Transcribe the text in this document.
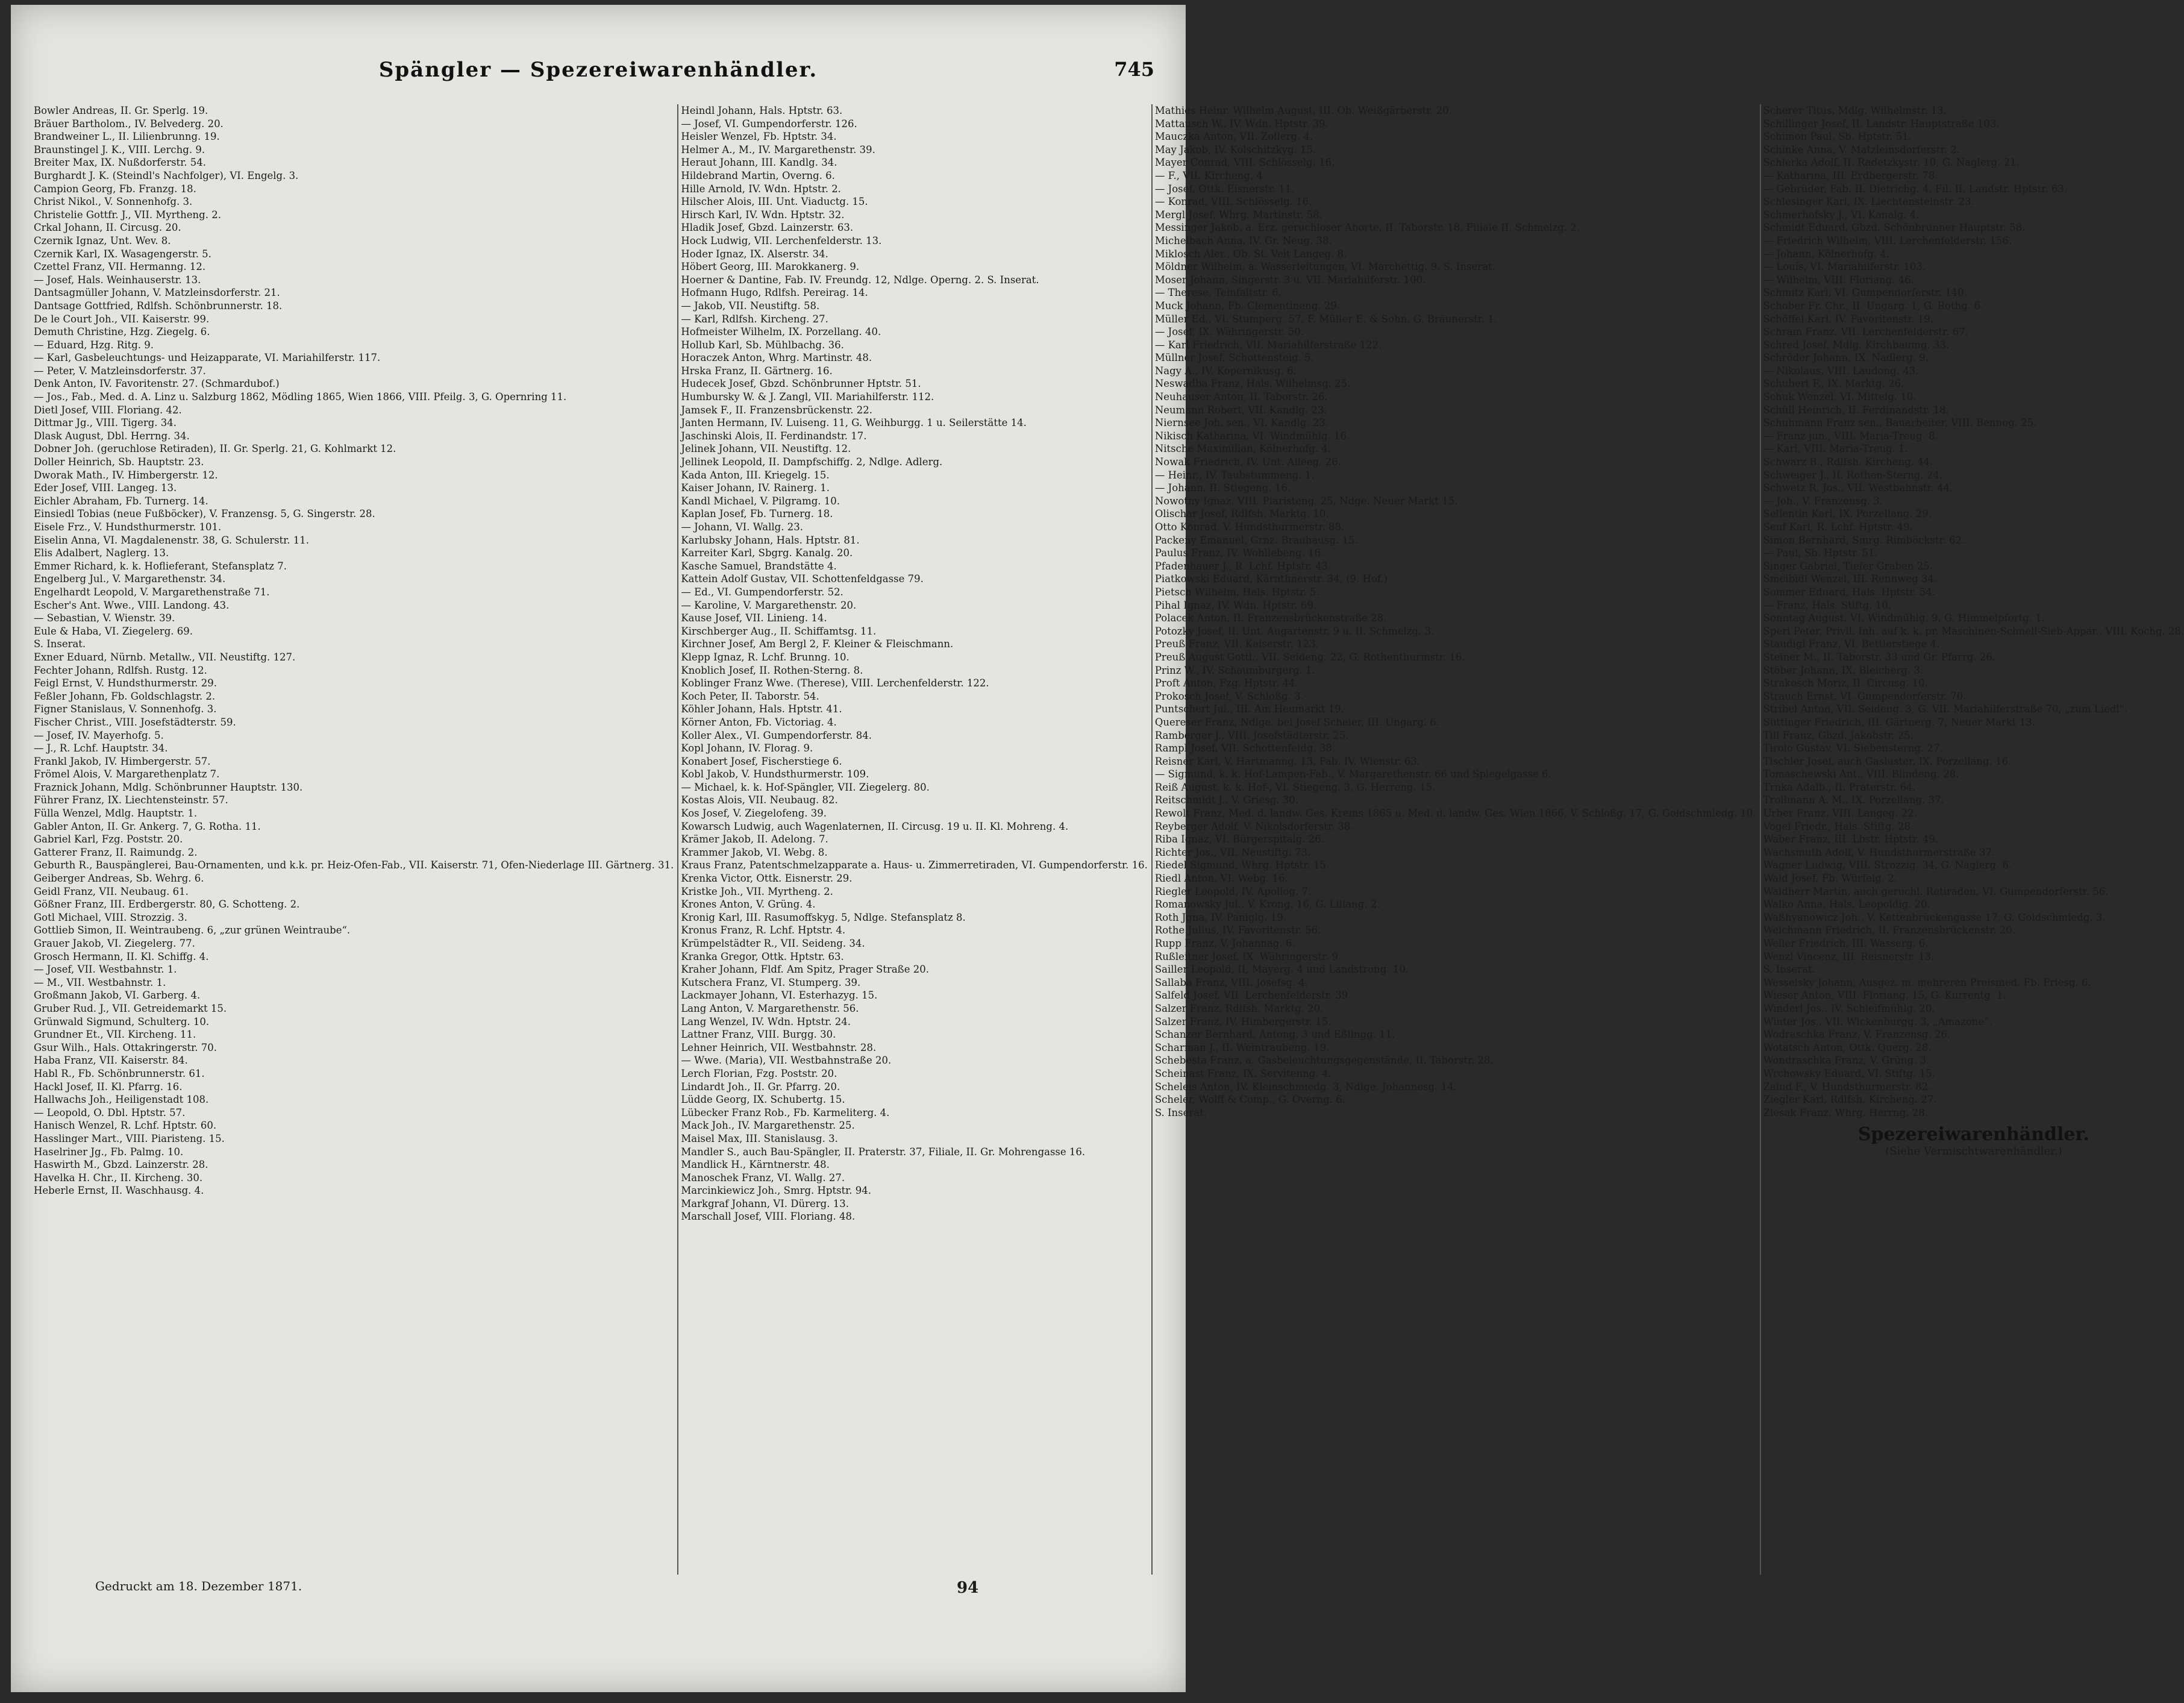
Spängler — Spezereiwarenhändler.	745
Bowler Andreas, II. Gr. Sperlg. 19.
Bräuer Bartholom., IV. Belvederg. 20.
Brandweiner L., II. Lilienbrunng. 19.
Braunstingel J. K., VIII. Lerchg. 9.
Breiter Max, IX. Nußdorferstr. 54.
Burghardt J. K. (Steindl's Nachfolger), VI. Engelg. 3.
Campion Georg, Fb. Franzg. 18.
Christ Nikol., V. Sonnenhofg. 3.
Christelie Gottfr. J., VII. Myrtheng. 2.
Crkal Johann, II. Circusg. 20.
Czernik Ignaz, Unt. Wev. 8.
Czernik Karl, IX. Wasagengerstr. 5.
Czettel Franz, VII. Hermanng. 12.
— Josef, Hals. Weinhauserstr. 13.
Dantsagmüller Johann, V. Matzleinsdorferstr. 21.
Dantsage Gottfried, Rdlfsh. Schönbrunnerstr. 18.
De le Court Joh., VII. Kaiserstr. 99.
Demuth Christine, Hzg. Ziegelg. 6.
— Eduard, Hzg. Ritg. 9.
— Karl, Gasbeleuchtungs- und Heizapparate, VI. Mariahilferstr. 117.
— Peter, V. Matzleinsdorferstr. 37.
Denk Anton, IV. Favoritenstr. 27. (Schmardubof.)
— Jos., Fab., Med. d. A. Linz u. Salzburg 1862, Mödling 1865, Wien 1866, VIII. Pfeilg. 3, G. Opernring 11.
Dietl Josef, VIII. Floriang. 42.
Dittmar Jg., VIII. Tigerg. 34.
Dlask August, Dbl. Herrng. 34.
Dobner Joh. (geruchlose Retiraden), II. Gr. Sperlg. 21, G. Kohlmarkt 12.
Doller Heinrich, Sb. Hauptstr. 23.
Dworak Math., IV. Himbergerstr. 12.
Eder Josef, VIII. Langeg. 13.
Eichler Abraham, Fb. Turnerg. 14.
Einsiedl Tobias (neue Fußböcker), V. Franzensg. 5, G. Singerstr. 28.
Eisele Frz., V. Hundsthurmerstr. 101.
Eiselin Anna, VI. Magdalenenstr. 38, G. Schulerstr. 11.
Elis Adalbert, Naglerg. 13.
Emmer Richard, k. k. Hoflieferant, Stefansplatz 7.
Engelberg Jul., V. Margarethenstr. 34.
Engelhardt Leopold, V. Margarethenstraße 71.
Escher's Ant. Wwe., VIII. Landong. 43.
— Sebastian, V. Wienstr. 39.
Eule & Haba, VI. Ziegelerg. 69.
S. Inserat.
Exner Eduard, Nürnb. Metallw., VII. Neustiftg. 127.
Fechter Johann, Rdlfsh. Rustg. 12.
Feigl Ernst, V. Hundsthurmerstr. 29.
Feßler Johann, Fb. Goldschlagstr. 2.
Figner Stanislaus, V. Sonnenhofg. 3.
Fischer Christ., VIII. Josefstädterstr. 59.
— Josef, IV. Mayerhofg. 5.
— J., R. Lchf. Hauptstr. 34.
Frankl Jakob, IV. Himbergerstr. 57.
Frömel Alois, V. Margarethenplatz 7.
Fraznick Johann, Mdlg. Schönbrunner Hauptstr. 130.
Führer Franz, IX. Liechtensteinstr. 57.
Fülla Wenzel, Mdlg. Hauptstr. 1.
Gabler Anton, II. Gr. Ankerg. 7, G. Rotha. 11.
Gabriel Karl, Fzg. Poststr. 20.
Gatterer Franz, II. Raimundg. 2.
Geburth R., Bauspänglerei, Bau-Ornamenten, und k.k. pr. Heiz-Ofen-Fab., VII. Kaiserstr. 71, Ofen-Niederlage III. Gärtnerg. 31.
Geiberger Andreas, Sb. Wehrg. 6.
Geidl Franz, VII. Neubaug. 61.
Gößner Franz, III. Erdbergerstr. 80, G. Schotteng. 2.
Gotl Michael, VIII. Strozzig. 3.
Gottlieb Simon, II. Weintraubeng. 6, „zur grünen Weintraube“.
Grauer Jakob, VI. Ziegelerg. 77.
Grosch Hermann, II. Kl. Schiffg. 4.
— Josef, VII. Westbahnstr. 1.
— M., VII. Westbahnstr. 1.
Großmann Jakob, VI. Garberg. 4.
Gruber Rud. J., VII. Getreidemarkt 15.
Grünwald Sigmund, Schulterg. 10.
Grundner Et., VII. Kircheng. 11.
Gsur Wilh., Hals. Ottakringerstr. 70.
Haba Franz, VII. Kaiserstr. 84.
Habl R., Fb. Schönbrunnerstr. 61.
Hackl Josef, II. Kl. Pfarrg. 16.
Hallwachs Joh., Heiligenstadt 108.
— Leopold, O. Dbl. Hptstr. 57.
Hanisch Wenzel, R. Lchf. Hptstr. 60.
Hasslinger Mart., VIII. Piaristeng. 15.
Haselriner Jg., Fb. Palmg. 10.
Haswirth M., Gbzd. Lainzerstr. 28.
Havelka H. Chr., II. Kircheng. 30.
Heberle Ernst, II. Waschhausg. 4.
Heindl Johann, Hals. Hptstr. 63.
— Josef, VI. Gumpendorferstr. 126.
Heisler Wenzel, Fb. Hptstr. 34.
Helmer A., M., IV. Margarethenstr. 39.
Heraut Johann, III. Kandlg. 34.
Hildebrand Martin, Overng. 6.
Hille Arnold, IV. Wdn. Hptstr. 2.
Hilscher Alois, III. Unt. Viaductg. 15.
Hirsch Karl, IV. Wdn. Hptstr. 32.
Hladik Josef, Gbzd. Lainzerstr. 63.
Hock Ludwig, VII. Lerchenfelderstr. 13.
Hoder Ignaz, IX. Alserstr. 34.
Höbert Georg, III. Marokkanerg. 9.
Hoerner & Dantine, Fab. IV. Freundg. 12, Ndlge. Operng. 2. S. Inserat.
Hofmann Hugo, Rdlfsh. Pereirag. 14.
— Jakob, VII. Neustiftg. 58.
— Karl, Rdlfsh. Kircheng. 27.
Hofmeister Wilhelm, IX. Porzellang. 40.
Hollub Karl, Sb. Mühlbachg. 36.
Horaczek Anton, Whrg. Martinstr. 48.
Hrska Franz, II. Gärtnerg. 16.
Hudecek Josef, Gbzd. Schönbrunner Hptstr. 51.
Humbursky W. & J. Zangl, VII. Mariahilferstr. 112.
Jamsek F., II. Franzensbrückenstr. 22.
Janten Hermann, IV. Luiseng. 11, G. Weihburgg. 1 u. Seilerstätte 14.
Jaschinski Alois, II. Ferdinandstr. 17.
Jelinek Johann, VII. Neustiftg. 12.
Jellinek Leopold, II. Dampfschiffg. 2, Ndlge. Adlerg.
Kada Anton, III. Kriegelg. 15.
Kaiser Johann, IV. Rainerg. 1.
Kandl Michael, V. Pilgramg. 10.
Kaplan Josef, Fb. Turnerg. 18.
— Johann, VI. Wallg. 23.
Karlubsky Johann, Hals. Hptstr. 81.
Karreiter Karl, Sbgrg. Kanalg. 20.
Kasche Samuel, Brandstätte 4.
Kattein Adolf Gustav, VII. Schottenfeldgasse 79.
— Ed., VI. Gumpendorferstr. 52.
— Karoline, V. Margarethenstr. 20.
Kause Josef, VII. Linieng. 14.
Kirschberger Aug., II. Schiffamtsg. 11.
Kirchner Josef, Am Bergl 2, F. Kleiner & Fleischmann.
Klepp Ignaz, R. Lchf. Brunng. 10.
Knoblich Josef, II. Rothen-Sterng. 8.
Koblinger Franz Wwe. (Therese), VIII. Lerchenfelderstr. 122.
Koch Peter, II. Taborstr. 54.
Köhler Johann, Hals. Hptstr. 41.
Körner Anton, Fb. Victoriag. 4.
Koller Alex., VI. Gumpendorferstr. 84.
Kopl Johann, IV. Florag. 9.
Konabert Josef, Fischerstiege 6.
Kobl Jakob, V. Hundsthurmerstr. 109.
— Michael, k. k. Hof-Spängler, VII. Ziegelerg. 80.
Kostas Alois, VII. Neubaug. 82.
Kos Josef, V. Ziegelofeng. 39.
Kowarsch Ludwig, auch Wagenlaternen, II. Circusg. 19 u. II. Kl. Mohreng. 4.
Krämer Jakob, II. Adelong. 7.
Krammer Jakob, VI. Webg. 8.
Kraus Franz, Patentschmelzapparate a. Haus- u. Zimmerretiraden, VI. Gumpendorferstr. 16.
Krenka Victor, Ottk. Eisnerstr. 29.
Kristke Joh., VII. Myrtheng. 2.
Krones Anton, V. Grüng. 4.
Kronig Karl, III. Rasumoffskyg. 5, Ndlge. Stefansplatz 8.
Kronus Franz, R. Lchf. Hptstr. 4.
Krümpelstädter R., VII. Seideng. 34.
Kranka Gregor, Ottk. Hptstr. 63.
Kraher Johann, Fldf. Am Spitz, Prager Straße 20.
Kutschera Franz, VI. Stumperg. 39.
Lackmayer Johann, VI. Esterhazyg. 15.
Lang Anton, V. Margarethenstr. 56.
Lang Wenzel, IV. Wdn. Hptstr. 24.
Lattner Franz, VIII. Burgg. 30.
Lehner Heinrich, VII. Westbahnstr. 28.
— Wwe. (Maria), VII. Westbahnstraße 20.
Lerch Florian, Fzg. Poststr. 20.
Lindardt Joh., II. Gr. Pfarrg. 20.
Lüdde Georg, IX. Schubertg. 15.
Lübecker Franz Rob., Fb. Karmeliterg. 4.
Mack Joh., IV. Margarethenstr. 25.
Maisel Max, III. Stanislausg. 3.
Mandler S., auch Bau-Spängler, II. Praterstr. 37, Filiale, II. Gr. Mohrengasse 16.
Mandlick H., Kärntnerstr. 48.
Manoschek Franz, VI. Wallg. 27.
Marcinkiewicz Joh., Smrg. Hptstr. 94.
Markgraf Johann, VI. Dürerg. 13.
Marschall Josef, VIII. Floriang. 48.
Mathies Heinr. Wilhelm August, III. Ob. Weißgärberstr. 20.
Mattausch W., IV. Wdn. Hptstr. 39.
Mauczka Anton, VII. Zollerg. 4.
May Jakob, IV. Kolschitzkyg. 15.
Mayer Conrad, VIII. Schlösselg. 16.
— F., VII. Kircheng. 4.
— Josef, Ottk. Eisnerstr. 11.
— Konrad, VIII. Schlösselg. 16.
Mergl Josef, Whrg. Martinstr. 58.
Messinger Jakob, a. Erz. geruchloser Aborte, II. Taborstr. 18, Filiale II. Schmelzg. 2.
Michelbach Anna, IV. Gr. Neug. 38.
Miklosch Aler., Ob. St. Veit Langeg. 8.
Möldner Wilhelm, a. Wasserleitungen, VI. Marchettig. 9. S. Inserat.
Moser Johann, Singerstr. 3 u. VII. Mariahilferstr. 100.
— Therese, Teinfaltstr. 6.
Muck Johann, Fb. Clementineng. 29.
Müller Ed., VI. Stumperg. 57, F. Müller E. & Sohn, G. Bräunerstr. 1.
— Josef, IX. Währingerstr. 50.
— Karl Friedrich, VII. Mariahilferstraße 122.
Müllner Josef, Schottensteig. 5.
Nagy A., IV. Kopernikusg. 6.
Neswadba Franz, Hals. Wilhelmsg. 25.
Neuhauser Anton, II. Taborstr. 26.
Neumann Robert, VII. Kandlg. 23.
Niernsee Joh. sen., VI. Kandlg. 23.
Nikisch Katharina, VI. Windmühlg. 16.
Nitsche Maximilian, Kölnerhofg. 4.
Nowak Friedrich, IV. Unt. Alleeg. 26.
— Heinr., IV. Taubstummeng. 1.
— Johann, II. Stiegeng. 16.
Nowotny Ignaz, VIII. Piaristeng. 25, Ndge. Neuer Markt 15.
Olischar Josef, Rdlfsh. Marktg. 10.
Otto Konrad, V. Hundsthurmerstr. 88.
Packeny Emanuel, Grnz. Brauhausg. 15.
Paulus Franz, IV. Wohllebeng. 16.
Pfadenhauer J., R. Lchf. Hptstr. 43.
Piatkowski Eduard, Kärnthnerstr. 34, (9. Hof.)
Pietsch Wilhelm, Hals. Hptstr. 5.
Pihal Ignaz, IV. Wdn. Hptstr. 69.
Polacek Anton, II. Franzensbrückenstraße 28.
Potozky Josef, II. Unt. Augartenstr. 9 u. II. Schmelzg. 3.
Preuß Franz, VII. Kaiserstr. 123.
Preuß August Gottl., VII. Seideng. 22, G. Rothenthurmstr. 16.
Prinz W., IV. Schaumburgerg. 1.
Proft Anton, Fzg. Hptstr. 44.
Prokosch Josef, V. Schloßg. 3.
Puntschert Jul., III. Am Heumarkt 19.
Quereser Franz, Ndlge. bei Josef Scheier, III. Ungarg. 6.
Ramberger J., VIII. Josefstädterstr. 25.
Rampl Josef, VII. Schottenfeldg. 38.
Reisner Karl, V. Hartmanng. 13, Fab. IV. Wienstr. 63.
— Sigmund, k. k. Hof-Lampen-Fab., V. Margarethenstr. 66 und Spiegelgasse 6.
Reiß August, k. k. Hof-, VI. Stiegeng. 3, G. Herreng. 15.
Reitschmidt J., V. Griesg. 30.
Rewolt Franz, Med. d. landw. Ges. Krems 1865 u. Med. d. landw. Ges. Wien 1866, V. Schloßg. 17, G. Goldschmiedg. 10.
Reyberger Adolf, V. Nikolsdorferstr. 38.
Riba Ignaz, VI. Bürgerspitalg. 26.
Richter Jos., VII. Neustiftg. 73.
Riedel Sigmund, Whrg. Hptstr. 15.
Riedl Anton, VI. Webg. 16.
Riegler Leopold, IV. Apollog. 7.
Romanowsky Jul., V. Krong. 16, G. Liliang. 2.
Roth Jgna, IV. Paniglg. 19.
Rothe Julius, IV. Favoritenstr. 56.
Rupp Franz, V. Johannag. 6.
Rußleitner Josef, IX. Währingerstr. 9.
Sailler Leopold, II, Mayerg. 4 und Landstrong. 10.
Sallaba Franz, VIII. Josefsg. 4.
Salfeld Josef, VII. Lerchenfelderstr. 39.
Salzer Franz, Rdlfsh. Marktg. 20.
Salzer Franz, IV. Himbergerstr. 15.
Schanzer Bernhard, Antong. 3 und Eßlingg. 11.
Scharman J., II. Weintraubeng. 19.
Schebesta Franz, a. Gasbeleuchtungsgegenstände, II. Taborstr. 28.
Scheinast Franz, IX. Servitenng. 4.
Scheleis Anton, IV. Kleinschmiedg. 3, Ndlge. Johannesg. 14.
Scheler, Wolff & Comp., G. Overng. 6.
S. Inserat.
Scherer Titus, Mdlg. Wilhelmstr. 13.
Schillinger Josef, II. Landstr. Hauptstraße 103.
Schimon Paul, Sb. Hptstr. 51.
Schinke Anna, V. Matzleinsdorferstr. 2.
Schlerka Adolf, II. Radetzkystr. 10, G. Naglerg. 21.
— Katharina, III. Erdbergerstr. 78.
— Gebrüder, Fab. II. Dietrichg. 4, Fil. II. Landstr. Hptstr. 63.
Schlesinger Karl, IX. Liechtensteinstr. 23.
Schmerhofsky J., VI. Kanalg. 4.
Schmidt Eduard, Gbzd. Schönbrunner Hauptstr. 58.
— Friedrich Wilhelm, VIII. Lerchenfelderstr. 156.
— Johann, Kölnerhofg. 4.
— Louis, VI. Mariahilferstr. 103.
— Wilhelm, VIII. Floriang. 46.
Schmitz Karl, VI. Gumpendorferstr. 140.
Schober Fr. Chr., II. Ungarg. 1, G. Rothg. 6.
Schöffel Karl, IV. Favoritenstr. 19.
Schram Franz, VII. Lerchenfelderstr. 67.
Schred Josef, Mdlg. Kirchbaumg. 33.
Schröder Johann, IX. Nadlerg. 9.
— Nikolaus, VIII. Laudong. 43.
Schubert F., IX. Marktg. 26.
Schuk Wenzel, VI. Mittelg. 10.
Schüll Heinrich, II. Ferdinandstr. 18.
Schuhmann Franz sen., Bauarbeiter, VIII. Bennog. 25.
— Franz jun., VIII. Maria-Treug. 8.
— Karl, VIII. Maria-Treug. 1.
Schwarz B., Rdlfsh. Kircheng. 44.
Schweiger J., II. Rothen-Sterng. 24.
Schwetz R. Jos., VII. Westbahnstr. 44.
— Joh., V. Franzensg. 3.
Sellentin Karl, IX. Porzellang. 29.
Senf Karl, R. Lchf. Hptstr. 49.
Simon Bernhard, Smrg. Rimböckstr. 62.
— Paul, Sb. Hptstr. 51.
Singer Gabriel, Tiefer Graben 25.
Smeibidl Wenzel, III. Rennweg 34.
Sommer Eduard, Hals. Hptstr. 54.
— Franz, Hals. Stiftg. 10.
Sonntag August, VI. Windmühlg. 9, G. Himmelpfortg. 1.
Speri Peter, Privil. Inh. auf k. k. pr. Maschinen-Schnell-Sieb-Appar., VIII. Kochg. 28.
Staudigl Franz, VI. Bettlerstiege 4.
Steiner M., II. Taborstr. 33 und Gr. Pfarrg. 26.
Stöber Johann, IX. Bleicherg. 3.
Strakosch Moriz, II. Circusg. 10.
Strauch Ernst, VI. Gumpendorferstr. 70.
Stribel Anton, VII. Seideng. 3, G. VII. Mariahilferstraße 70, „zum Liedl“.
Süttinger Friedrich, III. Gärtnerg. 7, Neuer Markt 13.
Till Franz, Gbzd. Jakobstr. 25.
Tirolo Gustav, VI. Siebensterng. 27.
Tischler Josef, auch Gasluster, IX. Porzellang. 16.
Tomaschewski Ant., VIII. Blindeng. 28.
Trnka Adalb., II. Praterstr. 64.
Trollmann A. M., IX. Porzellang. 37.
Urber Franz, VIII. Langeg. 22.
Vogel Friedr., Hals. Stiftg. 28.
Waber Franz, III. Lbstr. Hptstr. 49.
Wachsmuth Adolf, V. Hundsthurmerstraße 37.
Wagner Ludwig, VIII. Strozzig. 34, G. Naglerg. 6.
Wald Josef, Fb. Würfelg. 2.
Waldherr Martin, auch geruchl. Retiraden, VI. Gumpendorferstr. 56.
Walko Anna, Hals. Leopoldig. 20.
Waßhyanowicz Joh., V. Kettenbrückengasse 17, G. Goldschmiedg. 3.
Weichmann Friedrich, II. Franzensbrückenstr. 20.
Weiler Friedrich, III. Wasserg. 6.
Wenzl Vincenz, III. Reisnerstr. 13.
S. Inserat.
Wesselsky Johann, Ausgez. m. mehreren Preismed. Fb. Friesg. 6.
Wieser Anton, VIII. Floriang. 15, G. Kurrentg. 1.
Winderl Jos., IV. Schleifmühlg. 20.
Winter Jos., VII. Wickenburgg. 3, „Amazone“.
Wodraschka Franz, V. Franzensg. 26.
Wotatsch Anton, Ottk. Querg. 28.
Wondraschka Franz, V. Grüng. 3.
Wrchowsky Eduard, VI. Stiftg. 15.
Zalud F., V. Hundsthurmerstr. 82.
Ziegler Karl, Rdlfsh. Kircheng. 27.
Zlesak Franz, Whrg. Herrng. 28.
Spezereiwarenhändler.
(Siehe Vermischtwarenhändler.)
Gedruckt am 18. Dezember 1871.	94
